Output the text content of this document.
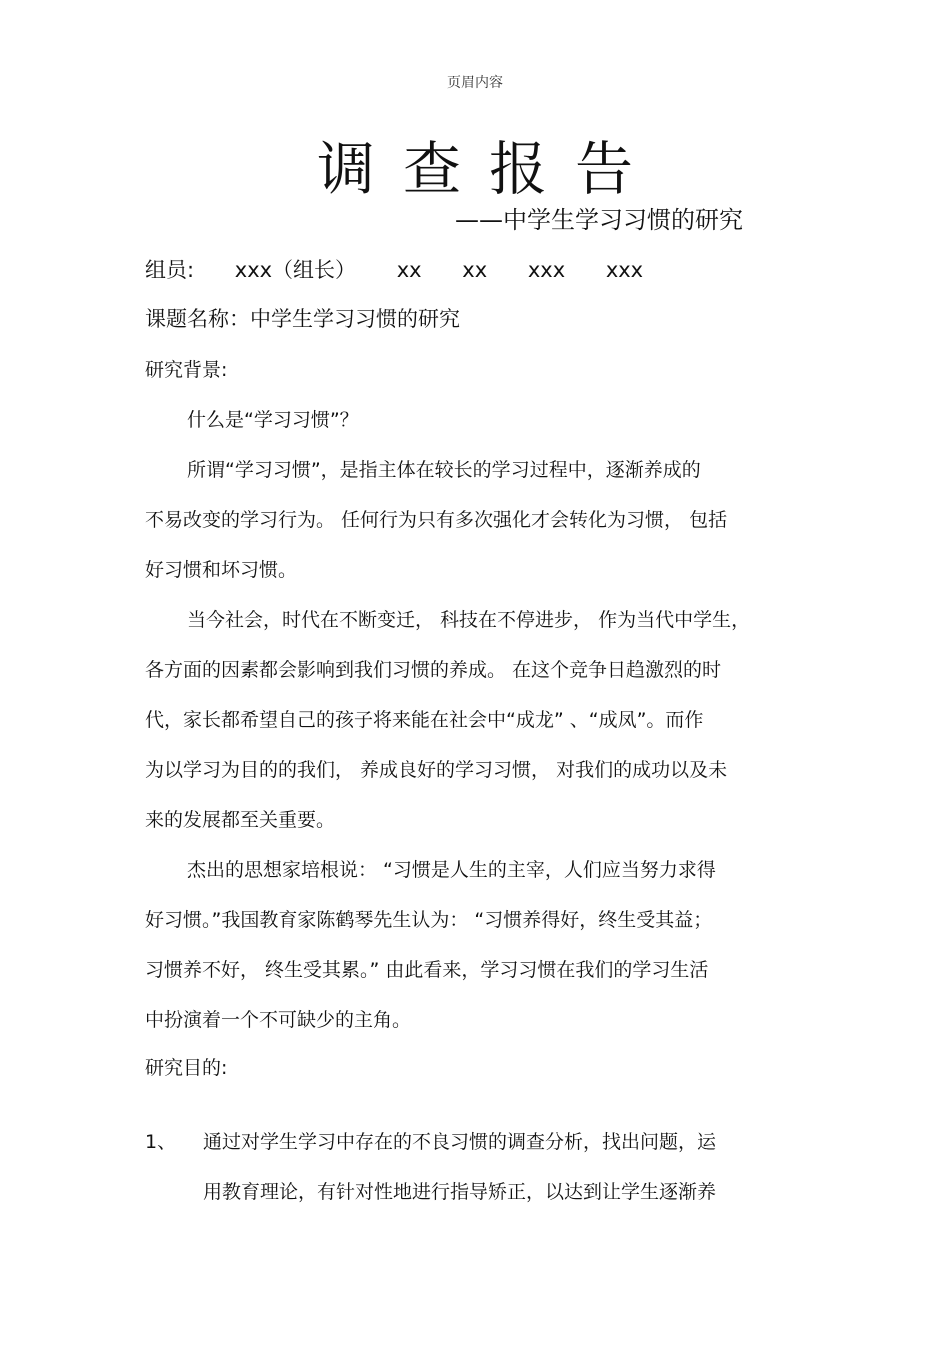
页眉内容
调查报告
——中学生学习习惯的研究
组员: xxx（组长） xx xx xxx xxx
课题名称：中学生学习习惯的研究
研究背景:
什么是“学习习惯”？
所谓“学习习惯”，是指主体在较长的学习过程中，逐渐养成的
不易改变的学习行为。 任何行为只有多次强化才会转化为习惯， 包括
好习惯和坏习惯。
当今社会，时代在不断变迁， 科技在不停进步， 作为当代中学生，
各方面的因素都会影响到我们习惯的养成。 在这个竞争日趋激烈的时
代，家长都希望自己的孩子将来能在社会中“成龙” 、“成凤”。而作
为以学习为目的的我们， 养成良好的学习习惯， 对我们的成功以及未
来的发展都至关重要。
杰出的思想家培根说： “习惯是人生的主宰，人们应当努力求得
好习惯。”我国教育家陈鹤琴先生认为： “习惯养得好，终生受其益；
习惯养不好， 终生受其累。” 由此看来，学习习惯在我们的学习生活
中扮演着一个不可缺少的主角。
研究目的:
1、 通过对学生学习中存在的不良习惯的调查分析，找出问题，运
用教育理论，有针对性地进行指导矫正，以达到让学生逐渐养
